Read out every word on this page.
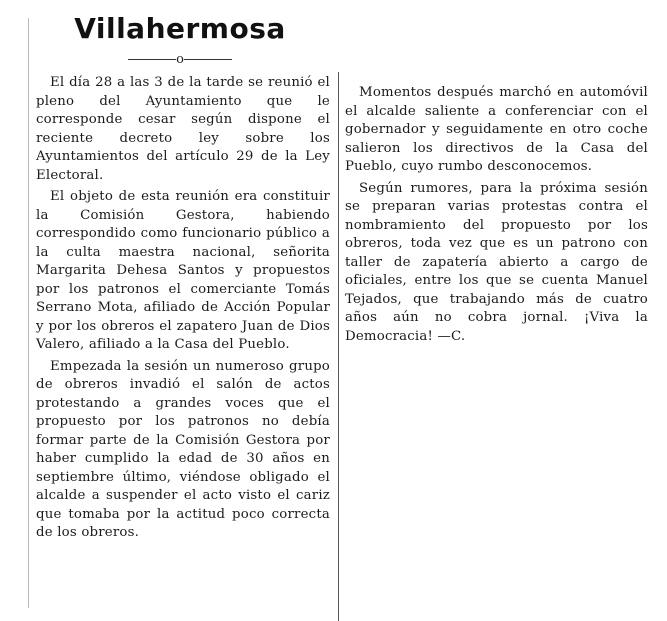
Villahermosa
o

El día 28 a las 3 de la tarde se reunió el pleno del Ayuntamiento que le corresponde cesar según dispone el reciente decreto ley sobre los Ayuntamientos del artículo 29 de la Ley Electoral.

El objeto de esta reunión era constituir la Comisión Gestora, habiendo correspondido como funcionario público a la culta maestra nacional, señorita Margarita Dehesa Santos y propuestos por los patronos el comerciante Tomás Serrano Mota, afiliado de Acción Popular y por los obreros el zapatero Juan de Dios Valero, afiliado a la Casa del Pueblo.

Empezada la sesión un numeroso grupo de obreros invadió el salón de actos protestando a grandes voces que el propuesto por los patronos no debía formar parte de la Comisión Gestora por haber cumplido la edad de 30 años en septiembre último, viéndose obligado el alcalde a suspender el acto visto el cariz que tomaba por la actitud poco correcta de los obreros.

Momentos después marchó en automóvil el alcalde saliente a conferenciar con el gobernador y seguidamente en otro coche salieron los directivos de la Casa del Pueblo, cuyo rumbo desconocemos.

Según rumores, para la próxima sesión se preparan varias protestas contra el nombramiento del propuesto por los obreros, toda vez que es un patrono con taller de zapatería abierto a cargo de oficiales, entre los que se cuenta Manuel Tejados, que trabajando más de cuatro años aún no cobra jornal. ¡Viva la Democracia! —C.
